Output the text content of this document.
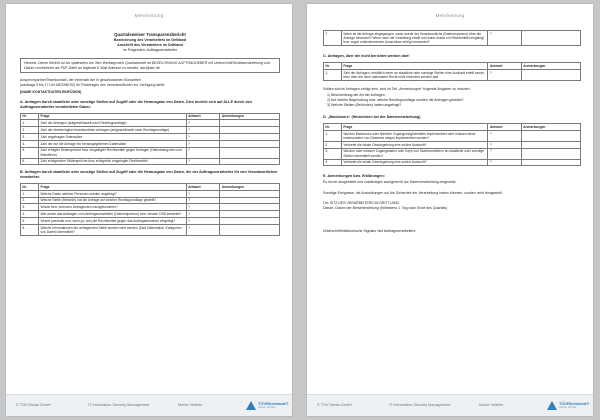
Mehrleistung
Quartalsweiser Transparenzbericht
Bezeichnung des Verarbeiters im Drittland
Anschrift des Verarbeiters im Drittland
im Folgenden: Auftragsverarbeiter
Hinweis: Dieser Bericht ist bis spätestens am 3ten Werktag nach Quartalsende an BEZEICHNUNG AUFTRAGGEBER mit Unterschrift/Sichtbarmarkierung und Datum vorzeichnen als PDF-Datei an folgende E-Mail-Adresse zu senden: abc@abc.de
Ansprechpartner/Teamkontakt, der innerhalb der In geschlossenen Bürozeiten
(werktags 9 bis 17 Uhr MEZ/MESZ) für Rückfragen des Verantwortlichen zur Verfügung steht:
[NAME KONTAKTDATEN EINFÜGEN]
A. Anfragen durch staatliche oder sonstige Stellen auf Zugriff oder die Herausgabe von Daten. Dies bezieht sich auf ALLE durch den Auftragsverarbeiter verarbeiteten Daten:
Nr.	Frage	Antwort	Anmerkungen
1.	Zahl der Anfragen (aufgeschlüsselt nach Rechtsgrundlage)	?	
2.	Zahl der diesbezüglich beantworteten Anfragen (aufgeschlüsselt nach Rechtsgrundlage)	?	
3.	Zahl angefragter Datensätze	?	
4.	Zahl der auf die Anfrage hin herausgegebenen Datensätze	?	
5.	Zahl erfolgter Widersprüche bzw. eingelegter Rechtsmittel gegen Anfragen (Datenkategorien und Betroffene)	?	
6.	Zahl erfolgreicher Widersprüche bzw. erfolgreich eingelegter Rechtsmittel	?	
B. Anfragen durch staatliche oder sonstige Stellen auf Zugriff oder die Herausgabe von Daten, die der Auftragsverarbeiter für den Verantwortlichen verarbeitet.
Nr.	Frage	Antwort	Anmerkungen
1.	Welche Daten welcher Personen wurden angefragt?	?	
2.	Welche Stelle (Behörde) hat die Anfrage auf welcher Rechtsgrundlage gestellt?	?	
3.	Wurde bzw. wird dem Anfragenden nachgekommen?	?	
4.	Wie wurde das Auftragen vom Auftragsverarbeiter (Datenimporteur) bzw. dessen DSB bewertet?	?	
5.	Wurde (weshalb und, wenn ja, wie) die Rechtsmittel gegen das Auftragsersuchen eingelegt?	?	
6.	Welche Informationen der anfragenden Stelle wurden oder werden (Zahl Datensätze, Kategorien von Daten) übermittelt?	?	
© TÜV Media GmbH	IT Information Security Management	Moritz Vetterle	TÜVRheinland®
Genau. Richtig.
Mehrleistung
7.	Wann ist die Anfrage eingegangen, wann wurde der Verantwortliche (Datenexporteur) über die Anfrage informiert? Wenn nach die Gestaltung erteilt und wann wurde ein Rechtsmittel eingelegt bzw. sogar unternehmender Ausschluss erfolgt verwendet?	?	
C. Anfragen, über die nicht berichtet werden darf:
Nr.	Frage	Antwort	Anmerkungen
1.	Zahl der Anfragen, erhältlich derer an staatliche oder sonstige Stellen eine Auskunft erteilt wurde, über über die nach nationalem Recht nicht informiert werden darf	?	
Sollten solche Anfragen erfolgt sein, sind im Teil „Anmerkungen“ folgende Angaben zu machen:
1) Beschreibung der Art der Anfragen
2) Auf welche Begründung bzw. welche Rechtsgrundlage wurden die Anfragen gestützt?
3) Welche Stellen (Behörden) haben angefragt?
D. „Backdoors“ (Hintertüren bei der Datenverarbeitung)
Nr.	Frage	Antwort	Anmerkungen
1.	Wurden Backdoors oder ähnliche Zugangsmöglichkeiten implementiert oder müssen diese insbesondere von Gesetzes wegen implementiert werden?	?	
2.	Verbietet die lokale Gesetzgebung eine solche Auskunft?	?	
3.	Wurden oder müssen Zugangsdaten oder Keys von Sachbearbeitern an staatliche oder sonstige Stellen übermittelt werden?	?	
4.	Verbietet die lokale Gesetzgebung eine solche Auskunft?	?	
E. Anmerkungen bzw. Erklärungen:
Es ist mir ausgebildet und zuständiges sachgerecht nur Datenverarbeitung eingesetzt.
Sonstige Ereignisse, die Auswirkungen auf die Sicherheit der Verarbeitung haben könnten, wurden nicht festgestellt.
Ort: SITZ DES VERARBEITERS IM DRITTLAND
Datum: Datum der Berichterstellung (frühestens 1. Tag nach Ende des Quartals)
Unterschrift/elektronische Signatur des Auftragsverarbeiters
© TÜV Media GmbH	IT Information Security Management	Moritz Vetterle	TÜVRheinland®
Genau. Richtig.
